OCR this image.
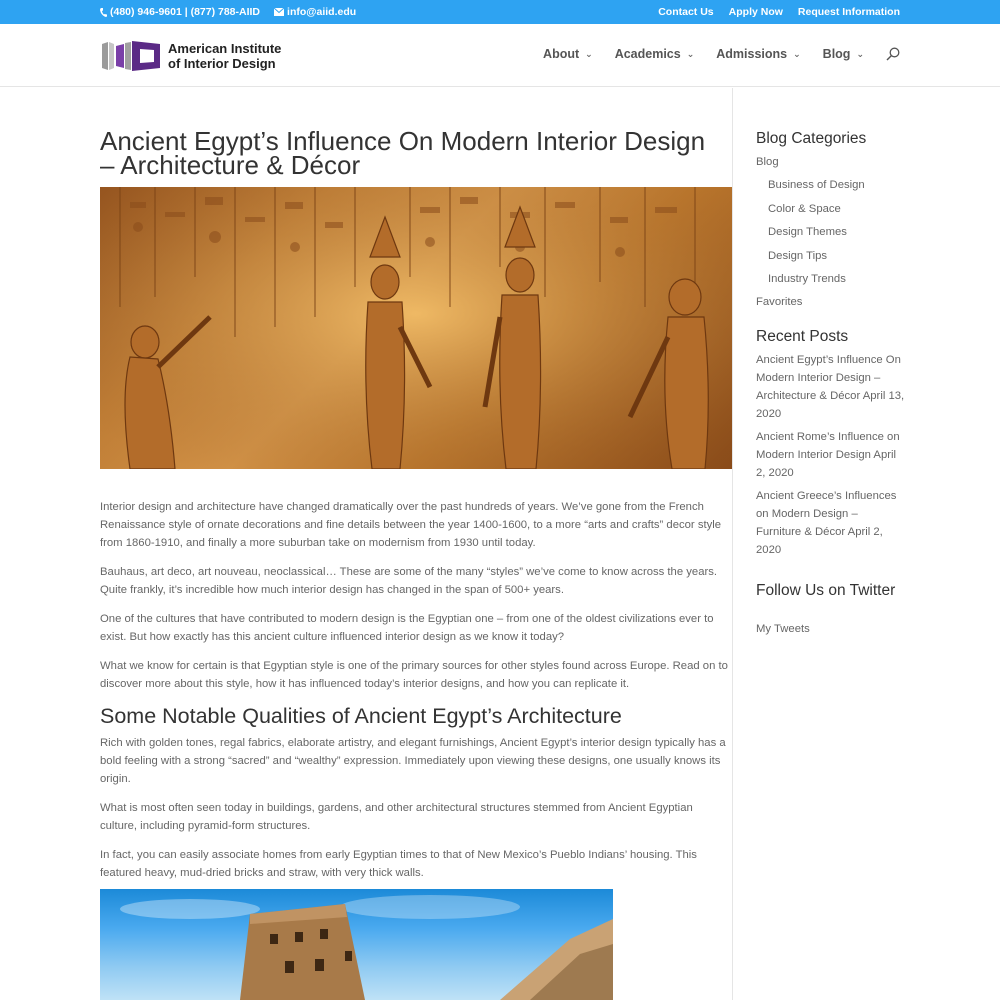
(480) 946-9601 | (877) 788-AIID	info@aiid.edu	Contact Us Apply Now Request Information
American Institute
of Interior Design
About ⌄ Academics ⌄ Admissions ⌄ Blog ⌄
Ancient Egypt’s Influence On Modern Interior Design – Architecture & Décor

Interior design and architecture have changed dramatically over the past hundreds of years. We’ve gone from the French Renaissance style of ornate decorations and fine details between the year 1400-1600, to a more “arts and crafts” decor style from 1860-1910, and finally a more suburban take on modernism from 1930 until today.

Bauhaus, art deco, art nouveau, neoclassical… These are some of the many “styles” we’ve come to know across the years. Quite frankly, it’s incredible how much interior design has changed in the span of 500+ years.

One of the cultures that have contributed to modern design is the Egyptian one – from one of the oldest civilizations ever to exist. But how exactly has this ancient culture influenced interior design as we know it today?

What we know for certain is that Egyptian style is one of the primary sources for other styles found across Europe. Read on to discover more about this style, how it has influenced today’s interior designs, and how you can replicate it.

Some Notable Qualities of Ancient Egypt’s Architecture

Rich with golden tones, regal fabrics, elaborate artistry, and elegant furnishings, Ancient Egypt’s interior design typically has a bold feeling with a strong “sacred” and “wealthy” expression. Immediately upon viewing these designs, one usually knows its origin.

What is most often seen today in buildings, gardens, and other architectural structures stemmed from Ancient Egyptian culture, including pyramid-form structures.

In fact, you can easily associate homes from early Egyptian times to that of New Mexico’s Pueblo Indians’ housing. This featured heavy, mud-dried bricks and straw, with very thick walls.

Blog Categories
Blog
Business of Design
Color & Space
Design Themes
Design Tips
Industry Trends
Favorites
Recent Posts
Ancient Egypt’s Influence On Modern Interior Design – Architecture & Décor April 13, 2020
Ancient Rome’s Influence on Modern Interior Design April 2, 2020
Ancient Greece’s Influences on Modern Design – Furniture & Décor April 2, 2020
Follow Us on Twitter
My Tweets
